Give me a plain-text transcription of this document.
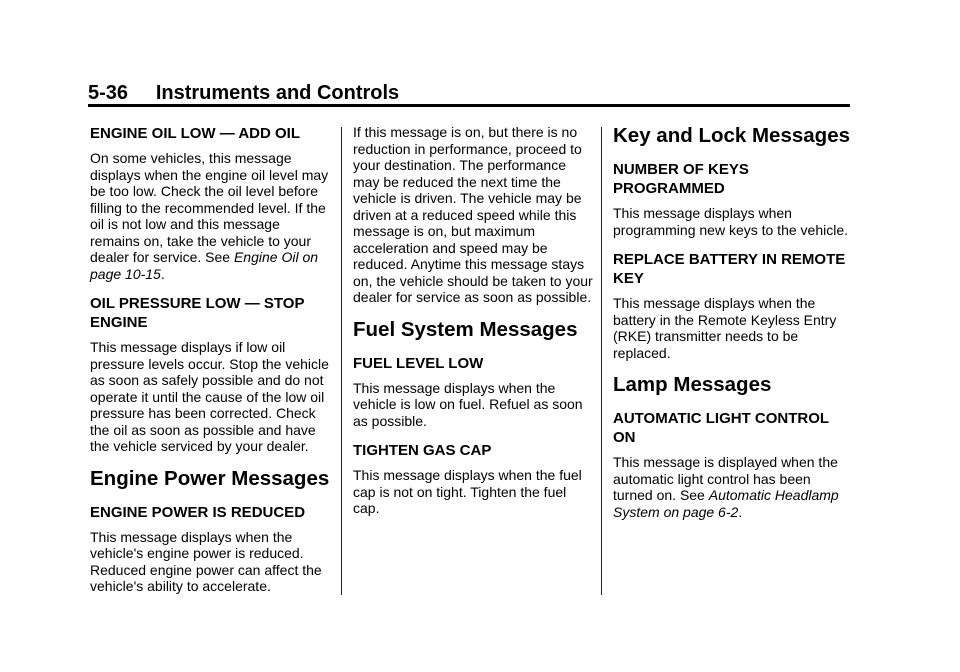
5-36     Instruments and Controls
ENGINE OIL LOW — ADD OIL

On some vehicles, this message displays when the engine oil level may be too low. Check the oil level before filling to the recommended level. If the oil is not low and this message remains on, take the vehicle to your dealer for service. See Engine Oil on page 10-15.

OIL PRESSURE LOW — STOP ENGINE

This message displays if low oil pressure levels occur. Stop the vehicle as soon as safely possible and do not operate it until the cause of the low oil pressure has been corrected. Check the oil as soon as possible and have the vehicle serviced by your dealer.

Engine Power Messages
ENGINE POWER IS REDUCED

This message displays when the vehicle's engine power is reduced. Reduced engine power can affect the vehicle's ability to accelerate.

If this message is on, but there is no reduction in performance, proceed to your destination. The performance may be reduced the next time the vehicle is driven. The vehicle may be driven at a reduced speed while this message is on, but maximum acceleration and speed may be reduced. Anytime this message stays on, the vehicle should be taken to your dealer for service as soon as possible.

Fuel System Messages
FUEL LEVEL LOW

This message displays when the vehicle is low on fuel. Refuel as soon as possible.

TIGHTEN GAS CAP

This message displays when the fuel cap is not on tight. Tighten the fuel cap.

Key and Lock Messages
NUMBER OF KEYS PROGRAMMED

This message displays when programming new keys to the vehicle.

REPLACE BATTERY IN REMOTE KEY

This message displays when the battery in the Remote Keyless Entry (RKE) transmitter needs to be replaced.

Lamp Messages
AUTOMATIC LIGHT CONTROL ON

This message is displayed when the automatic light control has been turned on. See Automatic Headlamp System on page 6-2.
